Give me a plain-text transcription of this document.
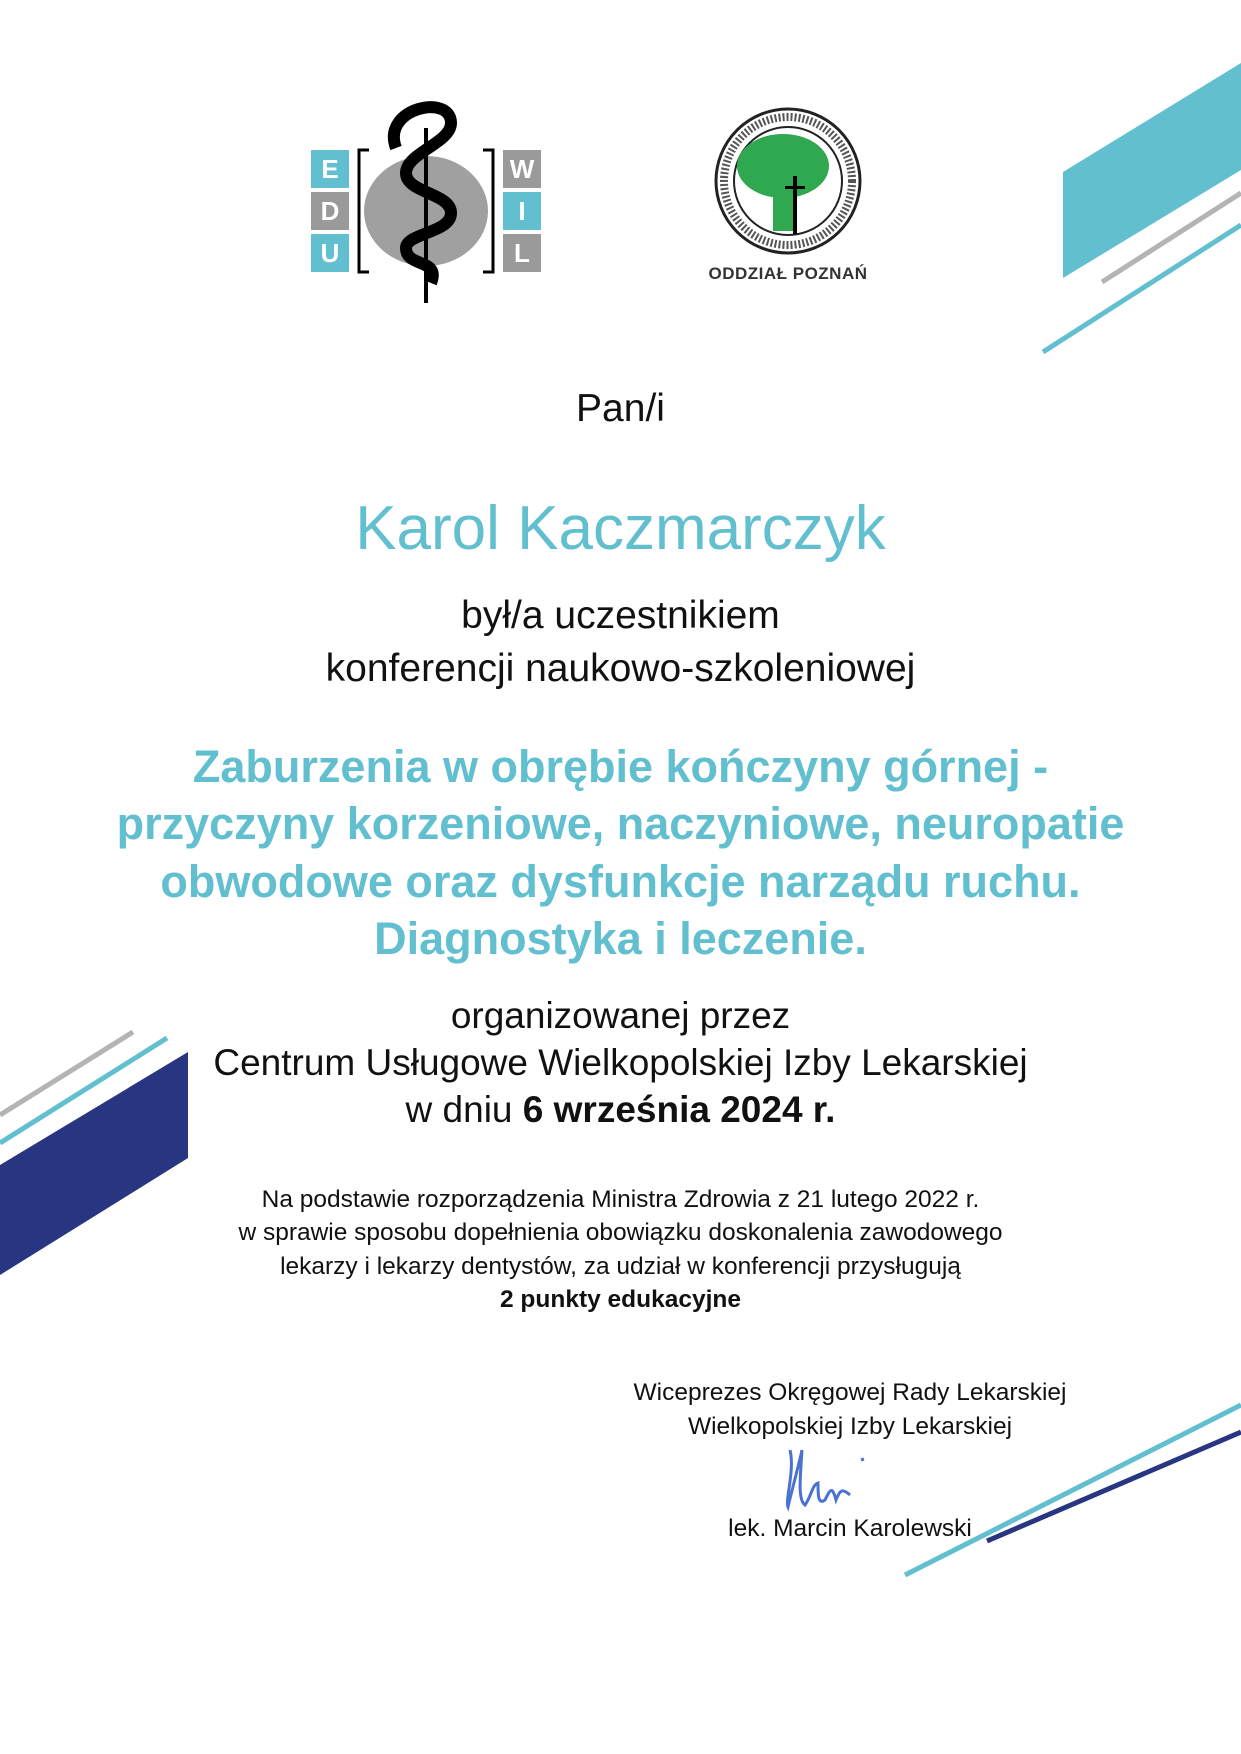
E
D
U
W
I
L
ODDZIAŁ POZNAŃ
Pan/i
Karol Kaczmarczyk
był/a uczestnikiem
konferencji naukowo-szkoleniowej
Zaburzenia w obrębie kończyny górnej -
przyczyny korzeniowe, naczyniowe, neuropatie
obwodowe oraz dysfunkcje narządu ruchu.
Diagnostyka i leczenie.
organizowanej przez
Centrum Usługowe Wielkopolskiej Izby Lekarskiej
w dniu 6 września 2024 r.
Na podstawie rozporządzenia Ministra Zdrowia z 21 lutego 2022 r.
w sprawie sposobu dopełnienia obowiązku doskonalenia zawodowego
lekarzy i lekarzy dentystów, za udział w konferencji przysługują
2 punkty edukacyjne
Wiceprezes Okręgowej Rady Lekarskiej
Wielkopolskiej Izby Lekarskiej
lek. Marcin Karolewski
